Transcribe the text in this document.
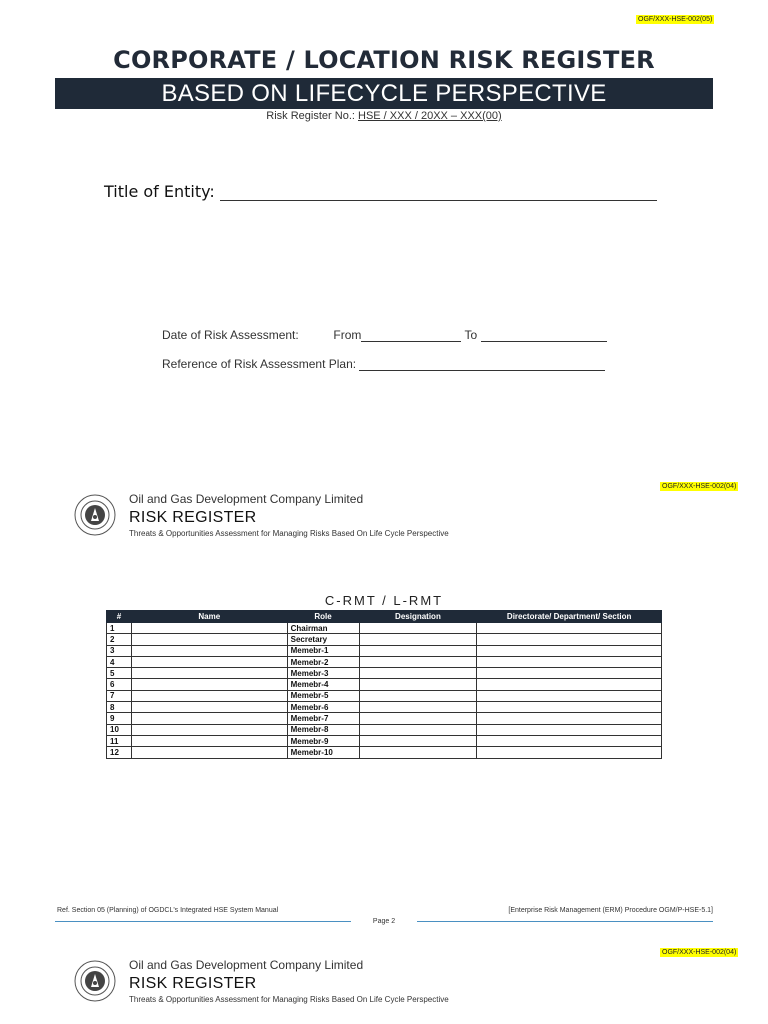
OGF/XXX-HSE-002(05)
CORPORATE / LOCATION RISK REGISTER
BASED ON LIFECYCLE PERSPECTIVE
Risk Register No.: HSE / XXX / 20XX – XXX(00)
Title of Entity:
Date of Risk Assessment:	From	To
Reference of Risk Assessment Plan:
OGF/XXX-HSE-002(04)
Oil and Gas Development Company Limited
RISK REGISTER
Threats & Opportunities Assessment for Managing Risks Based On Life Cycle Perspective
C-RMT / L-RMT
#	Name	Role	Designation	Directorate/ Department/ Section
1		Chairman		
2		Secretary		
3		Memebr-1		
4		Memebr-2		
5		Memebr-3		
6		Memebr-4		
7		Memebr-5		
8		Memebr-6		
9		Memebr-7		
10		Memebr-8		
11		Memebr-9		
12		Memebr-10		
Ref. Section 05 (Planning) of OGDCL's Integrated HSE System Manual	[Enterprise Risk Management (ERM) Procedure OGM/P-HSE-5.1]
Page 2
OGF/XXX-HSE-002(04)
Oil and Gas Development Company Limited
RISK REGISTER
Threats & Opportunities Assessment for Managing Risks Based On Life Cycle Perspective
